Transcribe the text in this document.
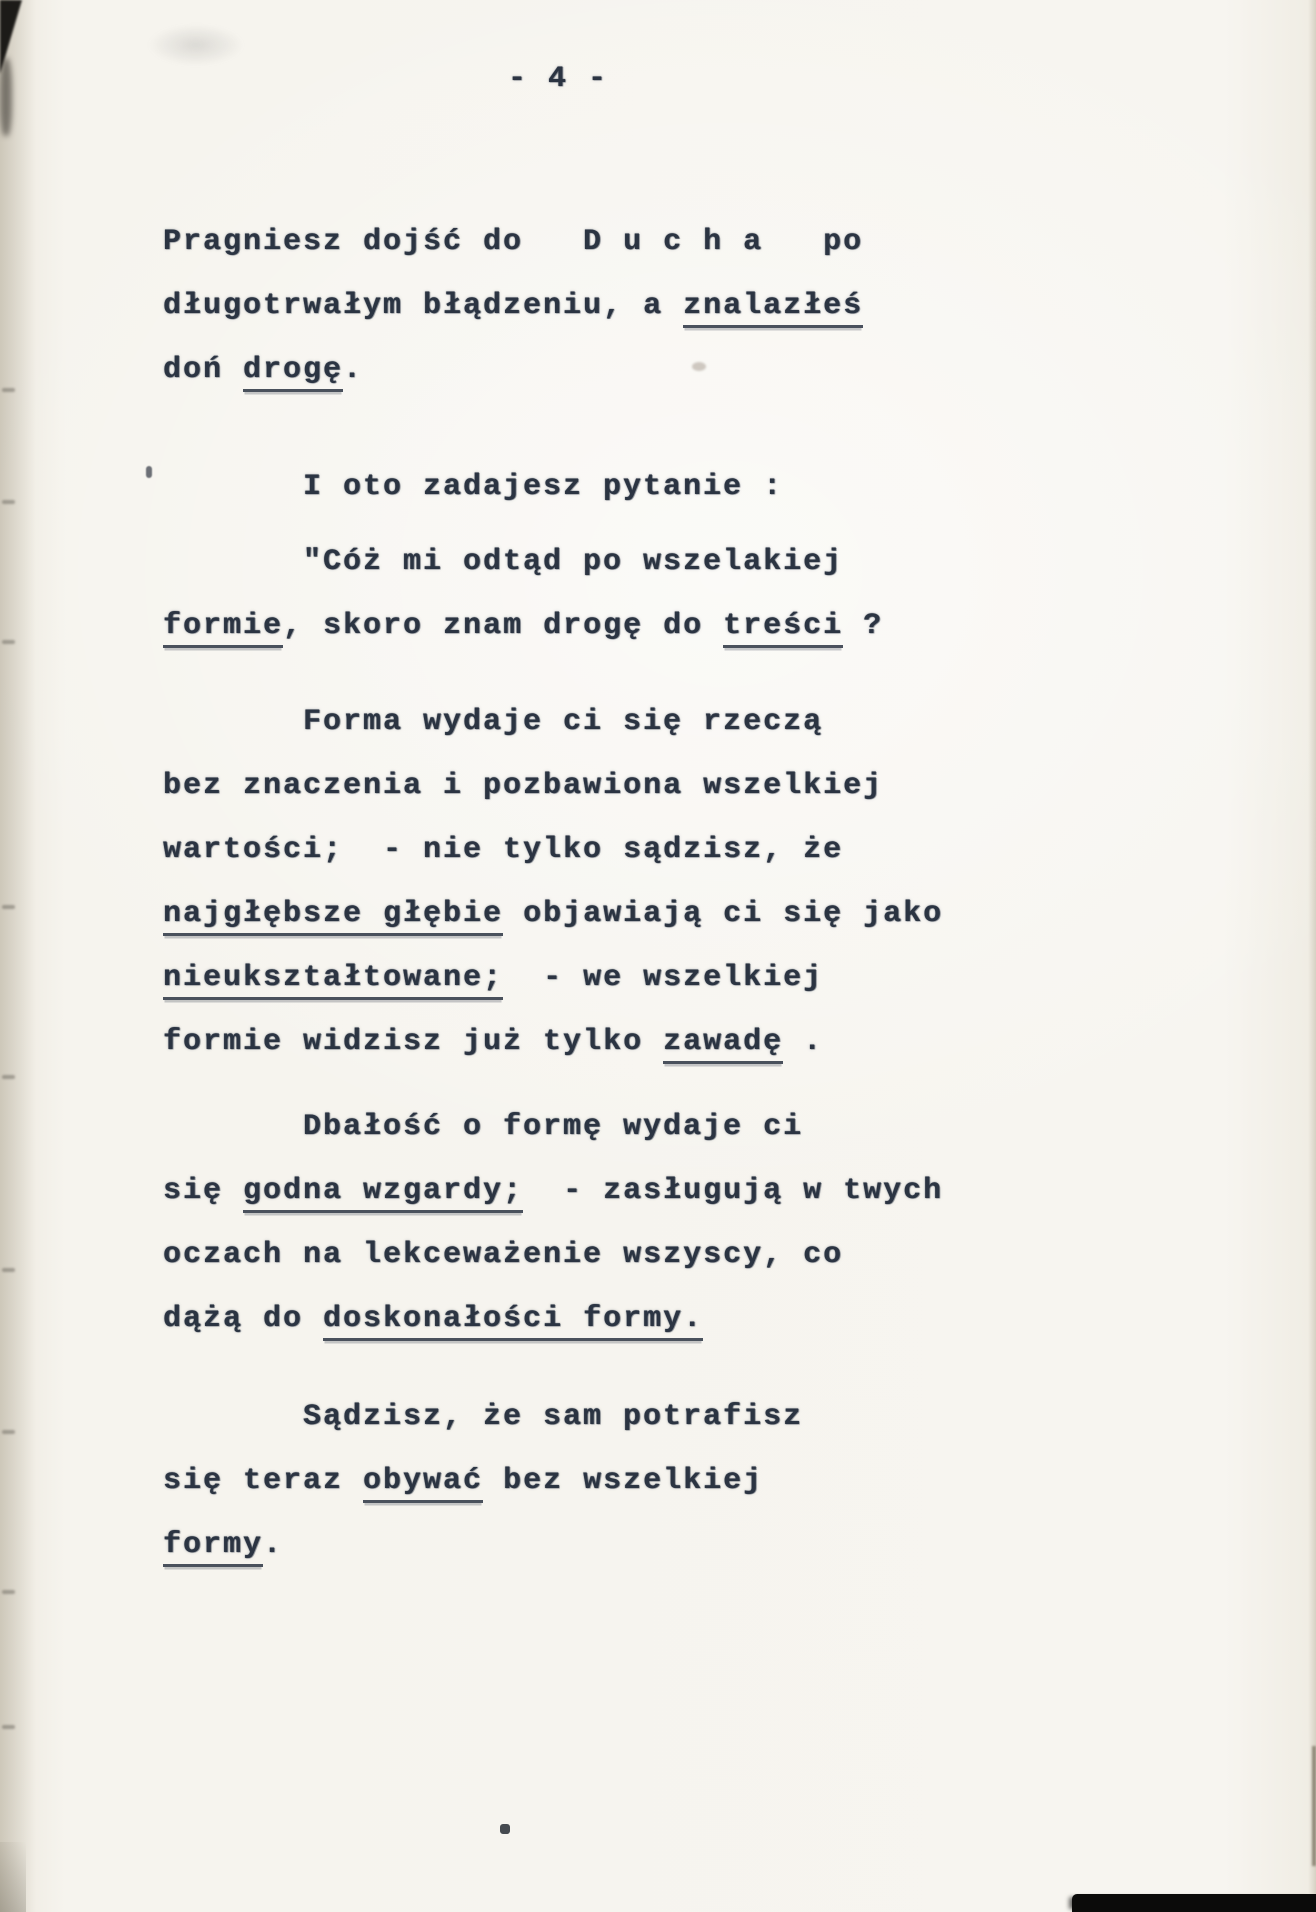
- 4 -
Pragniesz dojść do   D u c h a   po
długotrwałym błądzeniu, a znalazłeś
doń drogę.
I oto zadajesz pytanie :
"Cóż mi odtąd po wszelakiej
formie, skoro znam drogę do treści ?
Forma wydaje ci się rzeczą
bez znaczenia i pozbawiona wszelkiej
wartości;  - nie tylko sądzisz, że
najgłębsze głębie objawiają ci się jako
nieukształtowane;  - we wszelkiej
formie widzisz już tylko zawadę .
Dbałość o formę wydaje ci
się godna wzgardy;  - zasługują w twych
oczach na lekceważenie wszyscy, co
dążą do doskonałości formy.
Sądzisz, że sam potrafisz
się teraz obywać bez wszelkiej
formy.
